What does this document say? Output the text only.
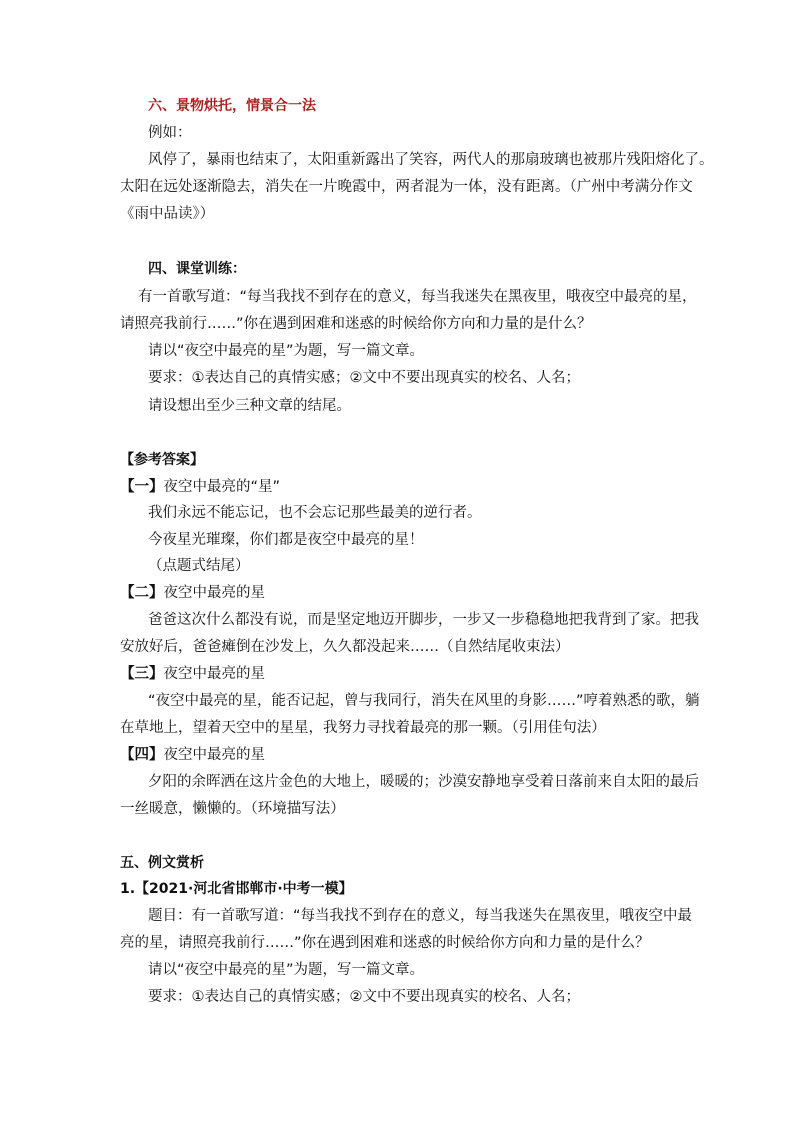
六、景物烘托，情景合一法
例如：
风停了，暴雨也结束了，太阳重新露出了笑容，两代人的那扇玻璃也被那片残阳熔化了。
太阳在远处逐渐隐去，消失在一片晚霞中，两者混为一体，没有距离。（广州中考满分作文
《雨中品读》）
四、课堂训练：
有一首歌写道：“每当我找不到存在的意义，每当我迷失在黑夜里，哦夜空中最亮的星，
请照亮我前行……”你在遇到困难和迷惑的时候给你方向和力量的是什么？
请以“夜空中最亮的星”为题，写一篇文章。
要求：①表达自己的真情实感；②文中不要出现真实的校名、人名；
请设想出至少三种文章的结尾。
【参考答案】
【一】夜空中最亮的“星”
我们永远不能忘记，也不会忘记那些最美的逆行者。
今夜星光璀璨，你们都是夜空中最亮的星！
（点题式结尾）
【二】夜空中最亮的星
爸爸这次什么都没有说，而是坚定地迈开脚步，一步又一步稳稳地把我背到了家。把我
安放好后，爸爸瘫倒在沙发上，久久都没起来……（自然结尾收束法）
【三】夜空中最亮的星
“夜空中最亮的星，能否记起，曾与我同行，消失在风里的身影……”哼着熟悉的歌，躺
在草地上，望着天空中的星星，我努力寻找着最亮的那一颗。（引用佳句法）
【四】夜空中最亮的星
夕阳的余晖洒在这片金色的大地上，暖暖的；沙漠安静地享受着日落前来自太阳的最后
一丝暖意，懒懒的。（环境描写法）
五、例文赏析
1.【2021·河北省邯郸市·中考一模】
题目：有一首歌写道：“每当我找不到存在的意义，每当我迷失在黑夜里，哦夜空中最
亮的星，请照亮我前行……”你在遇到困难和迷惑的时候给你方向和力量的是什么？
请以“夜空中最亮的星”为题，写一篇文章。
要求：①表达自己的真情实感；②文中不要出现真实的校名、人名；
